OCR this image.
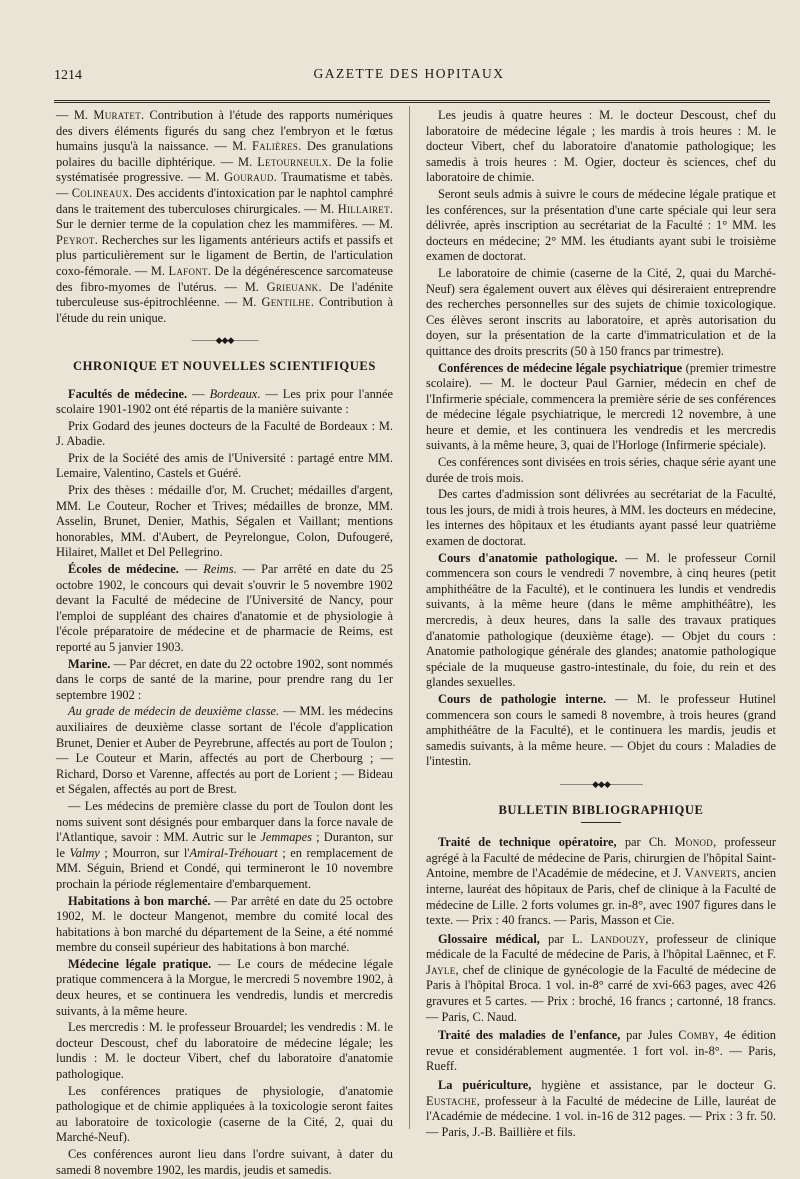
1214	GAZETTE DES HOPITAUX

— M. Muratet. Contribution à l'étude des rapports numériques des divers éléments figurés du sang chez l'embryon et le fœtus humains jusqu'à la naissance. — M. Falières. Des granulations polaires du bacille diphtérique. — M. Letourneulx. De la folie systématisée progressive. — M. Gouraud. Traumatisme et tabès. — Colineaux. Des accidents d'intoxication par le naphtol camphré dans le traitement des tuberculoses chirurgicales. — M. Hillairet. Sur le dernier terme de la copulation chez les mammifères. — M. Peyrot. Recherches sur les ligaments antérieurs actifs et passifs et plus particulièrement sur le ligament de Bertin, de l'articulation coxo-fémorale. — M. Lafont. De la dégénérescence sarcomateuse des fibro-myomes de l'utérus. — M. Grieuank. De l'adénite tuberculeuse sus-épitrochléenne. — M. Gentilhe. Contribution à l'étude du rein unique.

———◆◆◆———
CHRONIQUE ET NOUVELLES SCIENTIFIQUES

Facultés de médecine. — Bordeaux. — Les prix pour l'année scolaire 1901-1902 ont été répartis de la manière suivante :

Prix Godard des jeunes docteurs de la Faculté de Bordeaux : M. J. Abadie.

Prix de la Société des amis de l'Université : partagé entre MM. Lemaire, Valentino, Castels et Guéré.

Prix des thèses : médaille d'or, M. Cruchet; médailles d'argent, MM. Le Couteur, Rocher et Trives; médailles de bronze, MM. Asselin, Brunet, Denier, Mathis, Ségalen et Vaillant; mentions honorables, MM. d'Aubert, de Peyrelongue, Colon, Dufougeré, Hilairet, Mallet et Del Pellegrino.

Écoles de médecine. — Reims. — Par arrêté en date du 25 octobre 1902, le concours qui devait s'ouvrir le 5 novembre 1902 devant la Faculté de médecine de l'Université de Nancy, pour l'emploi de suppléant des chaires d'anatomie et de physiologie à l'école préparatoire de médecine et de pharmacie de Reims, est reporté au 5 janvier 1903.

Marine. — Par décret, en date du 22 octobre 1902, sont nommés dans le corps de santé de la marine, pour prendre rang du 1er septembre 1902 :

Au grade de médecin de deuxième classe. — MM. les médecins auxiliaires de deuxième classe sortant de l'école d'application Brunet, Denier et Auber de Peyrebrune, affectés au port de Toulon ; — Le Couteur et Marin, affectés au port de Cherbourg ; — Richard, Dorso et Varenne, affectés au port de Lorient ; — Bideau et Ségalen, affectés au port de Brest.

— Les médecins de première classe du port de Toulon dont les noms suivent sont désignés pour embarquer dans la force navale de l'Atlantique, savoir : MM. Autric sur le Jemmapes ; Duranton, sur le Valmy ; Mourron, sur l'Amiral-Tréhouart ; en remplacement de MM. Séguin, Briend et Condé, qui termineront le 10 novembre prochain la période réglementaire d'embarquement.

Habitations à bon marché. — Par arrêté en date du 25 octobre 1902, M. le docteur Mangenot, membre du comité local des habitations à bon marché du département de la Seine, a été nommé membre du conseil supérieur des habitations à bon marché.

Médecine légale pratique. — Le cours de médecine légale pratique commencera à la Morgue, le mercredi 5 novembre 1902, à deux heures, et se continuera les vendredis, lundis et mercredis suivants, à la même heure.

Les mercredis : M. le professeur Brouardel; les vendredis : M. le docteur Descoust, chef du laboratoire de médecine légale; les lundis : M. le docteur Vibert, chef du laboratoire d'anatomie pathologique.

Les conférences pratiques de physiologie, d'anatomie pathologique et de chimie appliquées à la toxicologie seront faites au laboratoire de toxicologie (caserne de la Cité, 2, quai du Marché-Neuf).

Ces conférences auront lieu dans l'ordre suivant, à dater du samedi 8 novembre 1902, les mardis, jeudis et samedis.

Les jeudis à quatre heures : M. le docteur Descoust, chef du laboratoire de médecine légale ; les mardis à trois heures : M. le docteur Vibert, chef du laboratoire d'anatomie pathologique; les samedis à trois heures : M. Ogier, docteur ès sciences, chef du laboratoire de chimie.

Seront seuls admis à suivre le cours de médecine légale pratique et les conférences, sur la présentation d'une carte spéciale qui leur sera délivrée, après inscription au secrétariat de la Faculté : 1° MM. les docteurs en médecine; 2° MM. les étudiants ayant subi le troisième examen de doctorat.

Le laboratoire de chimie (caserne de la Cité, 2, quai du Marché-Neuf) sera également ouvert aux élèves qui désireraient entreprendre des recherches personnelles sur des sujets de chimie toxicologique. Ces élèves seront inscrits au laboratoire, et après autorisation du doyen, sur la présentation de la carte d'immatriculation et de la quittance des droits prescrits (50 à 150 francs par trimestre).

Conférences de médecine légale psychiatrique (premier trimestre scolaire). — M. le docteur Paul Garnier, médecin en chef de l'Infirmerie spéciale, commencera la première série de ses conférences de médecine légale psychiatrique, le mercredi 12 novembre, à une heure et demie, et les continuera les vendredis et les mercredis suivants, à la même heure, 3, quai de l'Horloge (Infirmerie spéciale).

Ces conférences sont divisées en trois séries, chaque série ayant une durée de trois mois.

Des cartes d'admission sont délivrées au secrétariat de la Faculté, tous les jours, de midi à trois heures, à MM. les docteurs en médecine, les internes des hôpitaux et les étudiants ayant passé leur quatrième examen de doctorat.

Cours d'anatomie pathologique. — M. le professeur Cornil commencera son cours le vendredi 7 novembre, à cinq heures (petit amphithéâtre de la Faculté), et le continuera les lundis et vendredis suivants, à la même heure (dans le même amphithéâtre), les mercredis, à deux heures, dans la salle des travaux pratiques d'anatomie pathologique (deuxième étage). — Objet du cours : Anatomie pathologique générale des glandes; anatomie pathologique spéciale de la muqueuse gastro-intestinale, du foie, du rein et des glandes sexuelles.

Cours de pathologie interne. — M. le professeur Hutinel commencera son cours le samedi 8 novembre, à trois heures (grand amphithéâtre de la Faculté), et le continuera les mardis, jeudis et samedis suivants, à la même heure. — Objet du cours : Maladies de l'intestin.

————◆◆◆————
BULLETIN BIBLIOGRAPHIQUE

Traité de technique opératoire, par Ch. Monod, professeur agrégé à la Faculté de médecine de Paris, chirurgien de l'hôpital Saint-Antoine, membre de l'Académie de médecine, et J. Vanverts, ancien interne, lauréat des hôpitaux de Paris, chef de clinique à la Faculté de médecine de Lille. 2 forts volumes gr. in-8°, avec 1907 figures dans le texte. — Prix : 40 francs. — Paris, Masson et Cie.

Glossaire médical, par L. Landouzy, professeur de clinique médicale de la Faculté de médecine de Paris, à l'hôpital Laënnec, et F. Jayle, chef de clinique de gynécologie de la Faculté de médecine de Paris à l'hôpital Broca. 1 vol. in-8° carré de xvi-663 pages, avec 426 gravures et 5 cartes. — Prix : broché, 16 francs ; cartonné, 18 francs. — Paris, C. Naud.

Traité des maladies de l'enfance, par Jules Comby, 4e édition revue et considérablement augmentée. 1 fort vol. in-8°. — Paris, Rueff.

La puériculture, hygiène et assistance, par le docteur G. Eustache, professeur à la Faculté de médecine de Lille, lauréat de l'Académie de médecine. 1 vol. in-16 de 312 pages. — Prix : 3 fr. 50. — Paris, J.-B. Baillière et fils.
